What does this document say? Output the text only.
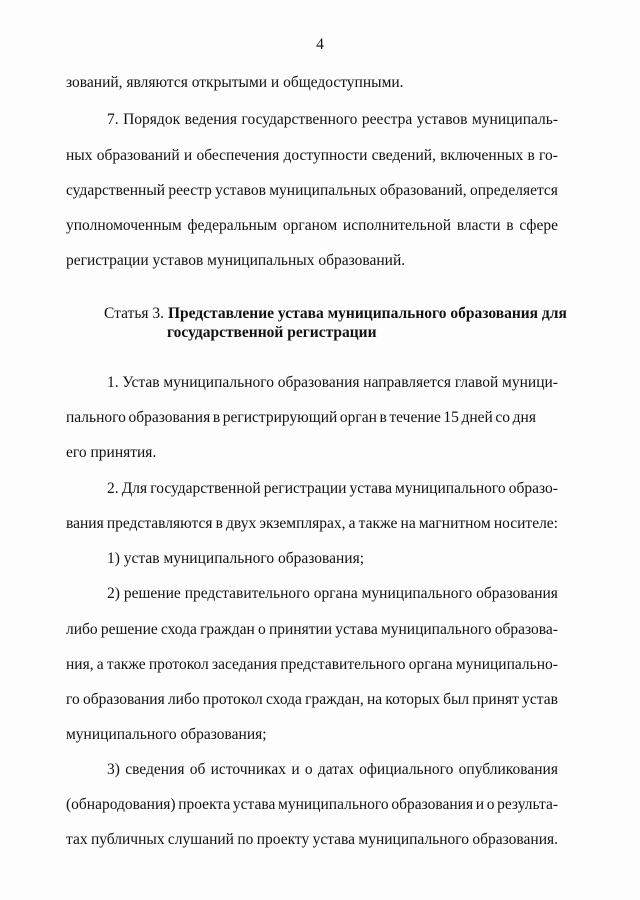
4
зований, являются открытыми и общедоступными.
7. Порядок ведения государственного реестра уставов муниципаль-
ных образований и обеспечения доступности сведений, включенных в го-
сударственный реестр уставов муниципальных образований, определяется
уполномоченным федеральным органом исполнительной власти в сфере
регистрации уставов муниципальных образований.
Статья 3. Представление устава муниципального образования для
государственной регистрации
1. Устав муниципального образования направляется главой муници-
пального образования в регистрирующий орган в течение 15 дней со дня
его принятия.
2. Для государственной регистрации устава муниципального образо-
вания представляются в двух экземплярах, а также на магнитном носителе:
1) устав муниципального образования;
2) решение представительного органа муниципального образования
либо решение схода граждан о принятии устава муниципального образова-
ния, а также протокол заседания представительного органа муниципально-
го образования либо протокол схода граждан, на которых был принят устав
муниципального образования;
3) сведения об источниках и о датах официального опубликования
(обнародования) проекта устава муниципального образования и о результа-
тах публичных слушаний по проекту устава муниципального образования.
